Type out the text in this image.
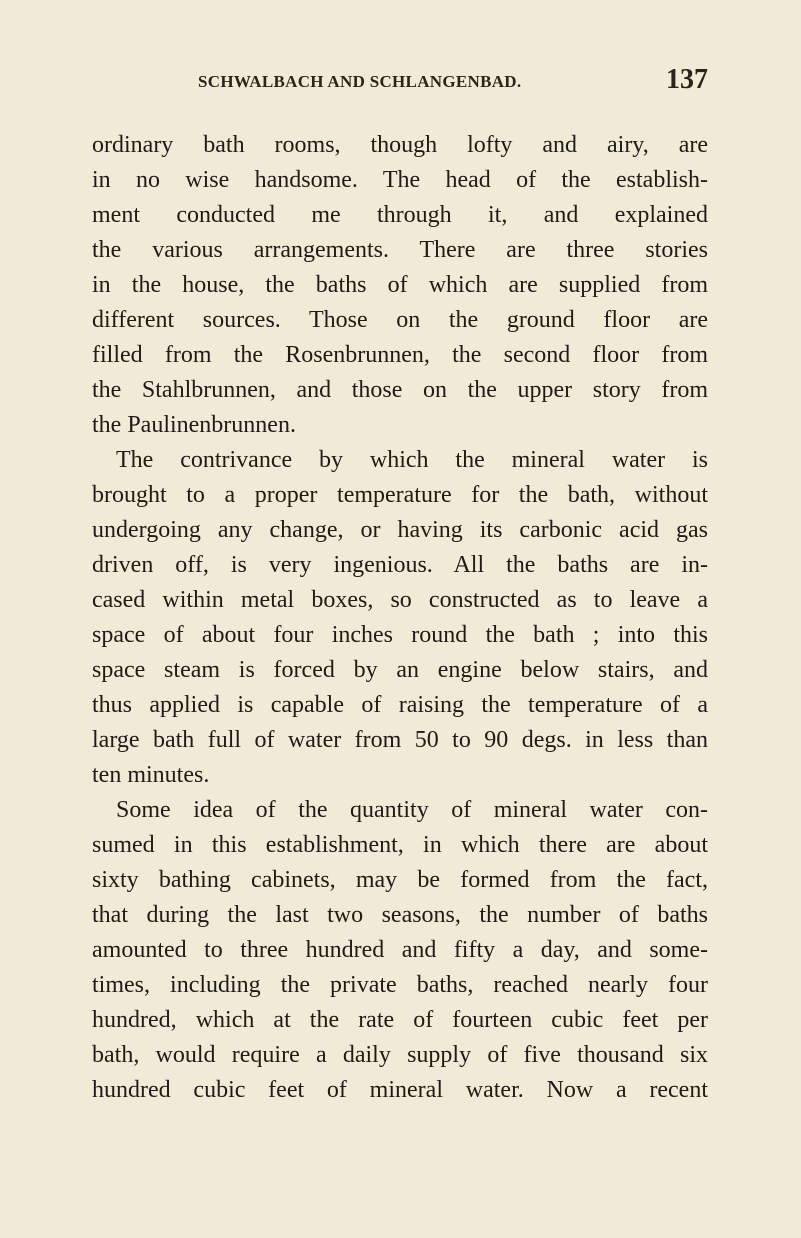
SCHWALBACH AND SCHLANGENBAD.	137
ordinary bath rooms, though lofty and airy, are
in no wise handsome. The head of the establish-
ment conducted me through it, and explained
the various arrangements. There are three stories
in the house, the baths of which are supplied from
different sources. Those on the ground floor are
filled from the Rosenbrunnen, the second floor from
the Stahlbrunnen, and those on the upper story from
the Paulinenbrunnen.
The contrivance by which the mineral water is
brought to a proper temperature for the bath, without
undergoing any change, or having its carbonic acid gas
driven off, is very ingenious. All the baths are in-
cased within metal boxes, so constructed as to leave a
space of about four inches round the bath ; into this
space steam is forced by an engine below stairs, and
thus applied is capable of raising the temperature of a
large bath full of water from 50 to 90 degs. in less than
ten minutes.
Some idea of the quantity of mineral water con-
sumed in this establishment, in which there are about
sixty bathing cabinets, may be formed from the fact,
that during the last two seasons, the number of baths
amounted to three hundred and fifty a day, and some-
times, including the private baths, reached nearly four
hundred, which at the rate of fourteen cubic feet per
bath, would require a daily supply of five thousand six
hundred cubic feet of mineral water. Now a recent
